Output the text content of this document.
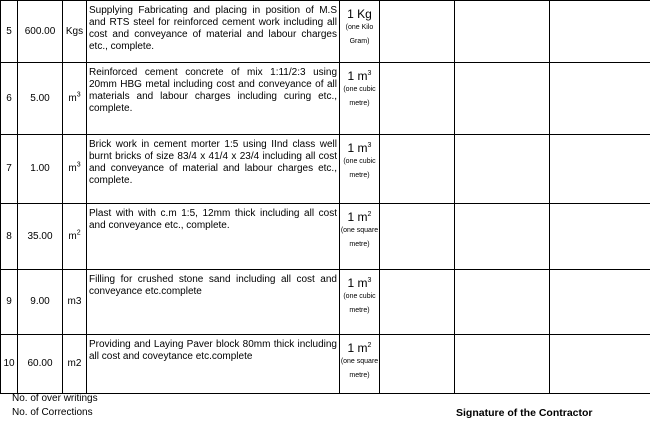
5	600.00	Kgs	Supplying Fabricating and placing in position of M.S and RTS steel for reinforced cement work including all cost and conveyance of material and labour charges etc., complete.	1 Kg
(one Kilo Gram)			

6	5.00	$m^3$	Reinforced cement concrete of mix 1:11/2:3 using 20mm HBG metal including cost and conveyance of all materials and labour charges including curing etc., complete.	1 $m^3$
(one cubic metre)			

7	1.00	$m^3$	Brick work in cement morter 1:5 using IInd class well burnt bricks of size 83/4 x 41/4 x 23/4 including all cost and conveyance of material and labour charges etc., complete.	1 $m^3$
(one cubic metre)			

8	35.00	$m^2$	Plast with with c.m 1:5, 12mm thick including all cost and conveyance etc., complete.	1 $m^2$
(one square metre)			

9	9.00	m3	Filling for crushed stone sand including all cost and conveyance etc.complete	1 $m^3$
(one cubic metre)			

10	60.00	m2	Providing and Laying Paver block 80mm thick including all cost and coveytance etc.complete	1 $m^2$
(one square metre)			

No. of over writings
No. of Corrections	Signature of the Contractor
